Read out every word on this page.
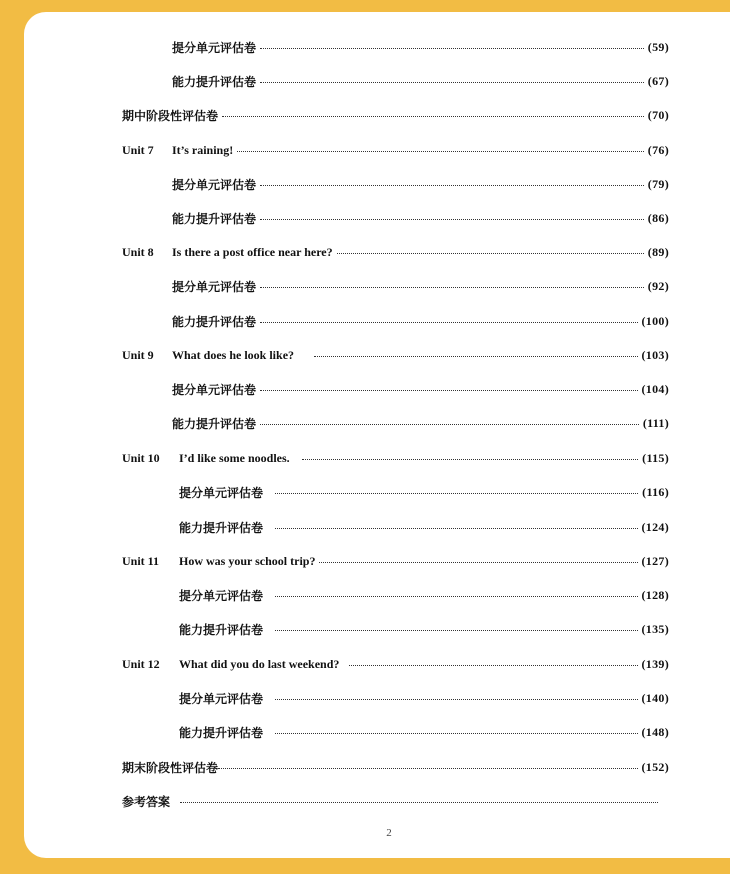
提分单元评估卷	(59)
能力提升评估卷	(67)
期中阶段性评估卷	(70)
Unit 7	It’s raining!	(76)
提分单元评估卷	(79)
能力提升评估卷	(86)
Unit 8	Is there a post office near here?	(89)
提分单元评估卷	(92)
能力提升评估卷	(100)
Unit 9	What does he look like?	(103)
提分单元评估卷	(104)
能力提升评估卷	(111)
Unit 10	I’d like some noodles.	(115)
提分单元评估卷	(116)
能力提升评估卷	(124)
Unit 11	How was your school trip?	(127)
提分单元评估卷	(128)
能力提升评估卷	(135)
Unit 12	What did you do last weekend?	(139)
提分单元评估卷	(140)
能力提升评估卷	(148)
期末阶段性评估卷	(152)
参考答案
2
